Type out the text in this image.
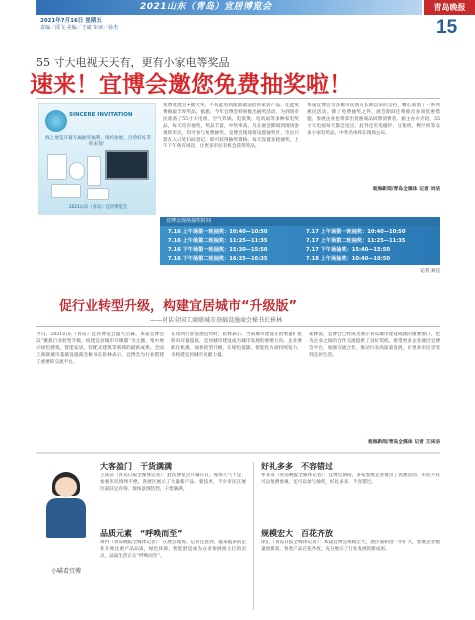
2021山东（青岛）宜居博览会	青岛晚报
2021年7月16日 星期五
责编／邱飞 美编／王斌 审读／孙杰	15
55 寸大电视天天有，更有小家电等奖品
速来！宜博会邀您免费抽奖啦！
SINCERE INVITATION
线上展览开幕专属抽奖福利，预约参展，百余好礼等你来领！
2021山东（青岛）宜居博览会
免费逛展会+抽大奖，不仅能看到最新最前沿的家居产品，还能免费抽取丰厚奖品。据悉，今年宜博会特别推出抽奖活动，为到场市民准备了55寸大电视、空气炸锅、电饭煲、电风扇等多种家电奖品，每天均有抽奖，奖品丰富，中奖率高。凡在展会期间到现场参观的市民，均可参与免费抽奖。宜博会现场将设置抽奖区，市民只需在入口处扫码登记，即可获得抽奖资格。每天设置多轮抽奖，上午下午各有场次，让更多市民有机会获得奖品。
本届宜博会为答谢市民朋友长期以来的支持，精心策划了一系列惠民活动。除了免费抽奖之外，展会期间还将推出多项优惠措施，参展企业也将拿出优惠商品回馈消费者。据主办方介绍，55寸大电视每天都会送出，此外还有电磁炉、豆浆机、榨汁机等众多小家电奖品，中奖名单将在现场公布。
观海新闻/青岛全媒体 记者 刘洁
宜博会现场抽奖时间
7.16 上午场第一轮抽奖：10:40—10:50
7.16 上午场第二轮抽奖：11:25—11:35
7.16 下午场第一轮抽奖：15:30—15:50
7.16 下午场第二轮抽奖：16:25—16:35
7.17 上午场第一轮抽奖：10:40—10:50
7.17 上午场第二轮抽奖：11:25—11:35
7.17 下午场抽奖：15:40—15:50
7.18 上午场抽奖：10:40—10:50
记者 刘洁
促行业转型升级，构建宜居城市“升级版”
——对话全国工商联城市基础设施商会秘书长崔林
今日，2021山东（青岛）宜居博览会盛大启幕。本届宜博会以“聚焦行业转型升级，构建宜居城市升级版”为主题，集中展示绿色建筑、智能家居、装配式建筑等领域的最新成果。全国工商联城市基础设施商会秘书长崔林表示，宜博会为行业搭建了重要的交流平台。
在谈到行业发展趋势时，崔林表示，当前城市建设正由增量扩张转向存量提质，宜居城市建设成为城市发展的重要方向。企业要抓住机遇，加快转型升级，在绿色低碳、智能化方面持续发力，为构建宜居城市贡献力量。
崔林说，宜博会已经成为展示青岛城市建设成就的重要窗口，也为企业之间的合作交流提供了良好契机。希望更多企业通过宜博会平台，加强交流合作，推动行业高质量发展，让更多市民享受到宜居生活。
观海新闻/青岛全媒体 记者 王沫洁
小喵看宜博
大客盈门　干货满满
王沫洁（青岛日报全媒体记者）：此次博览会开幕首日，现场人气十足，参观市民络绎不绝。各展区展示了大量新产品、新技术，不少市民在展位前驻足咨询，现场氛围热烈，干货满满。
品质元素　“呼唤而至”
黄冉（青岛晚报全媒体记者）：在展会现场，记者注意到，越来越多的企业开始注重产品品质，绿色环保、智能舒适成为众多参展商主打的卖点，品质生活正在“呼唤而至”。
好礼多多　不容错过
牟菲菲（青岛晚报全媒体记者）：宜博会期间，多家参展企业推出了优惠活动，市民不仅可以免费参观，还可以参与抽奖，好礼多多，不容错过。
规模宏大　百花齐放
徐汇（青岛日报全媒体记者）：本届宜博会规模宏大，展区面积进一步扩大，参展企业数量创新高，各类产品百花齐放，充分展示了行业发展的新成果。
